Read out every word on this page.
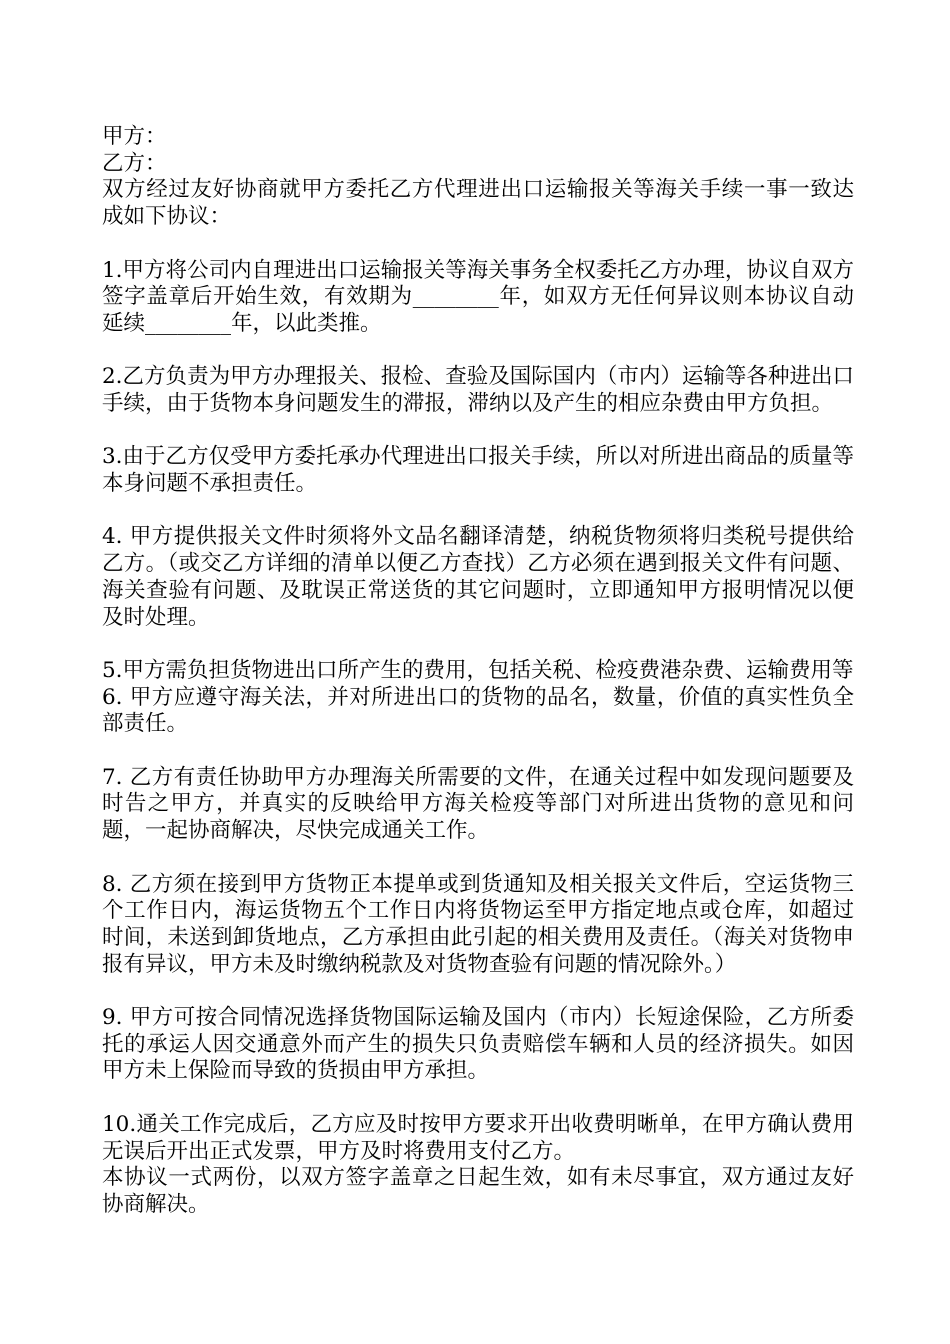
甲方：

乙方：

双方经过友好协商就甲方委托乙方代理进出口运输报关等海关手续一事一致达成如下协议：

1.甲方将公司内自理进出口运输报关等海关事务全权委托乙方办理，协议自双方签字盖章后开始生效，有效期为________年，如双方无任何异议则本协议自动延续________年，以此类推。

2.乙方负责为甲方办理报关、报检、查验及国际国内（市内）运输等各种进出口手续，由于货物本身问题发生的滞报，滞纳以及产生的相应杂费由甲方负担。

3.由于乙方仅受甲方委托承办代理进出口报关手续，所以对所进出商品的质量等本身问题不承担责任。

4. 甲方提供报关文件时须将外文品名翻译清楚，纳税货物须将归类税号提供给乙方。（或交乙方详细的清单以便乙方查找）乙方必须在遇到报关文件有问题、海关查验有问题、及耽误正常送货的其它问题时，立即通知甲方报明情况以便及时处理。

5.甲方需负担货物进出口所产生的费用，包括关税、检疫费港杂费、运输费用等

6. 甲方应遵守海关法，并对所进出口的货物的品名，数量，价值的真实性负全部责任。

7. 乙方有责任协助甲方办理海关所需要的文件，在通关过程中如发现问题要及时告之甲方，并真实的反映给甲方海关检疫等部门对所进出货物的意见和问题，一起协商解决，尽快完成通关工作。

8. 乙方须在接到甲方货物正本提单或到货通知及相关报关文件后，空运货物三个工作日内，海运货物五个工作日内将货物运至甲方指定地点或仓库，如超过时间，未送到卸货地点，乙方承担由此引起的相关费用及责任。（海关对货物申报有异议，甲方未及时缴纳税款及对货物查验有问题的情况除外。）

9. 甲方可按合同情况选择货物国际运输及国内（市内）长短途保险，乙方所委托的承运人因交通意外而产生的损失只负责赔偿车辆和人员的经济损失。如因甲方未上保险而导致的货损由甲方承担。

10.通关工作完成后，乙方应及时按甲方要求开出收费明晰单，在甲方确认费用无误后开出正式发票，甲方及时将费用支付乙方。

本协议一式两份，以双方签字盖章之日起生效，如有未尽事宜，双方通过友好协商解决。
